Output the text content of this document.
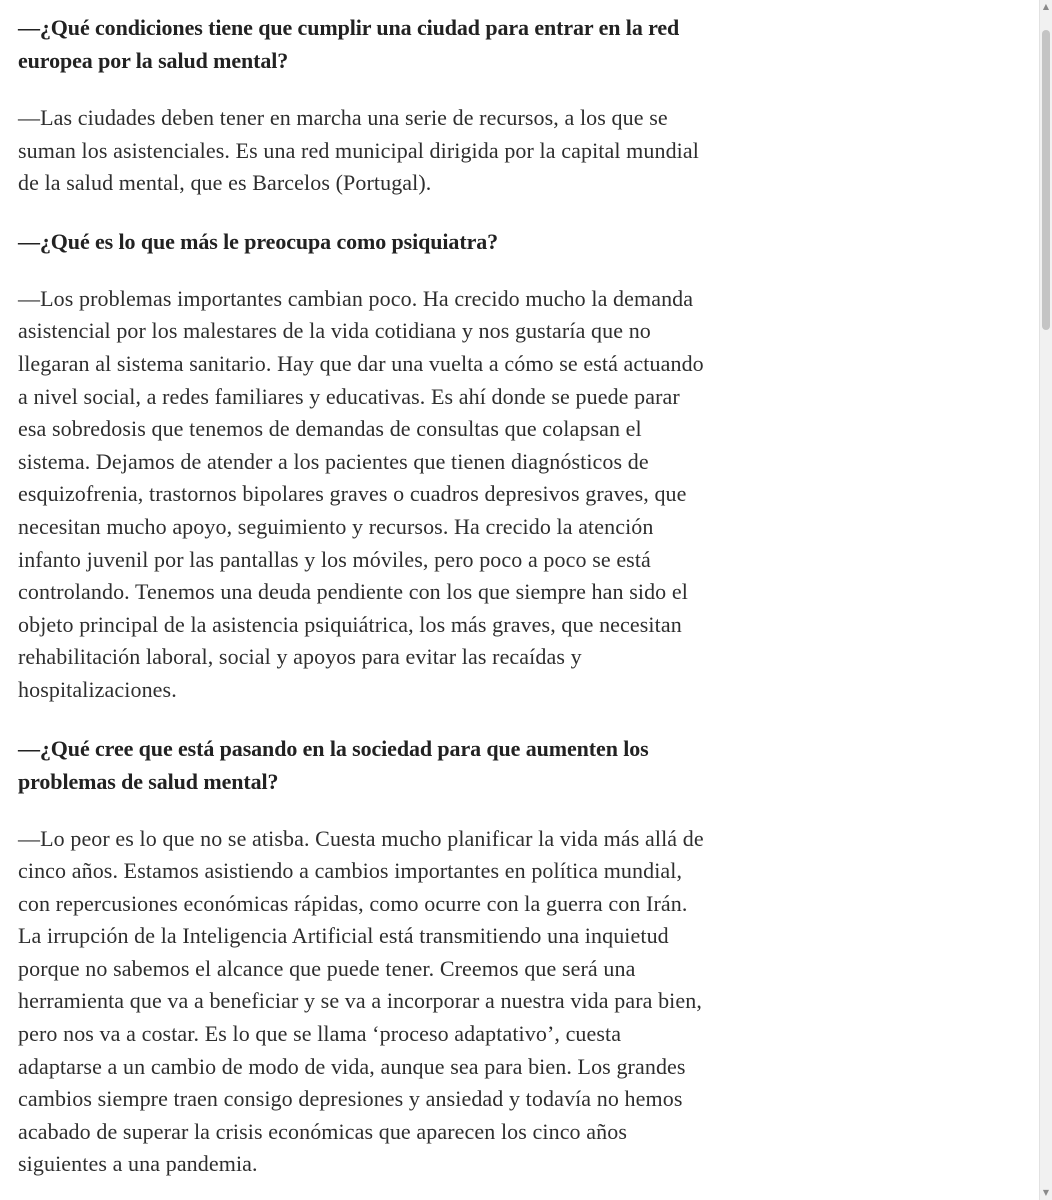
—¿Qué condiciones tiene que cumplir una ciudad para entrar en la red europea por la salud mental?

—Las ciudades deben tener en marcha una serie de recursos, a los que se suman los asistenciales. Es una red municipal dirigida por la capital mundial de la salud mental, que es Barcelos (Portugal).

—¿Qué es lo que más le preocupa como psiquiatra?

—Los problemas importantes cambian poco. Ha crecido mucho la demanda asistencial por los malestares de la vida cotidiana y nos gustaría que no llegaran al sistema sanitario. Hay que dar una vuelta a cómo se está actuando a nivel social, a redes familiares y educativas. Es ahí donde se puede parar esa sobredosis que tenemos de demandas de consultas que colapsan el sistema. Dejamos de atender a los pacientes que tienen diagnósticos de esquizofrenia, trastornos bipolares graves o cuadros depresivos graves, que necesitan mucho apoyo, seguimiento y recursos. Ha crecido la atención infanto juvenil por las pantallas y los móviles, pero poco a poco se está controlando. Tenemos una deuda pendiente con los que siempre han sido el objeto principal de la asistencia psiquiátrica, los más graves, que necesitan rehabilitación laboral, social y apoyos para evitar las recaídas y hospitalizaciones.

—¿Qué cree que está pasando en la sociedad para que aumenten los problemas de salud mental?

—Lo peor es lo que no se atisba. Cuesta mucho planificar la vida más allá de cinco años. Estamos asistiendo a cambios importantes en política mundial, con repercusiones económicas rápidas, como ocurre con la guerra con Irán. La irrupción de la Inteligencia Artificial está transmitiendo una inquietud porque no sabemos el alcance que puede tener. Creemos que será una herramienta que va a beneficiar y se va a incorporar a nuestra vida para bien, pero nos va a costar. Es lo que se llama ‘proceso adaptativo’, cuesta adaptarse a un cambio de modo de vida, aunque sea para bien. Los grandes cambios siempre traen consigo depresiones y ansiedad y todavía no hemos acabado de superar la crisis económicas que aparecen los cinco años siguientes a una pandemia.

▲
▼
